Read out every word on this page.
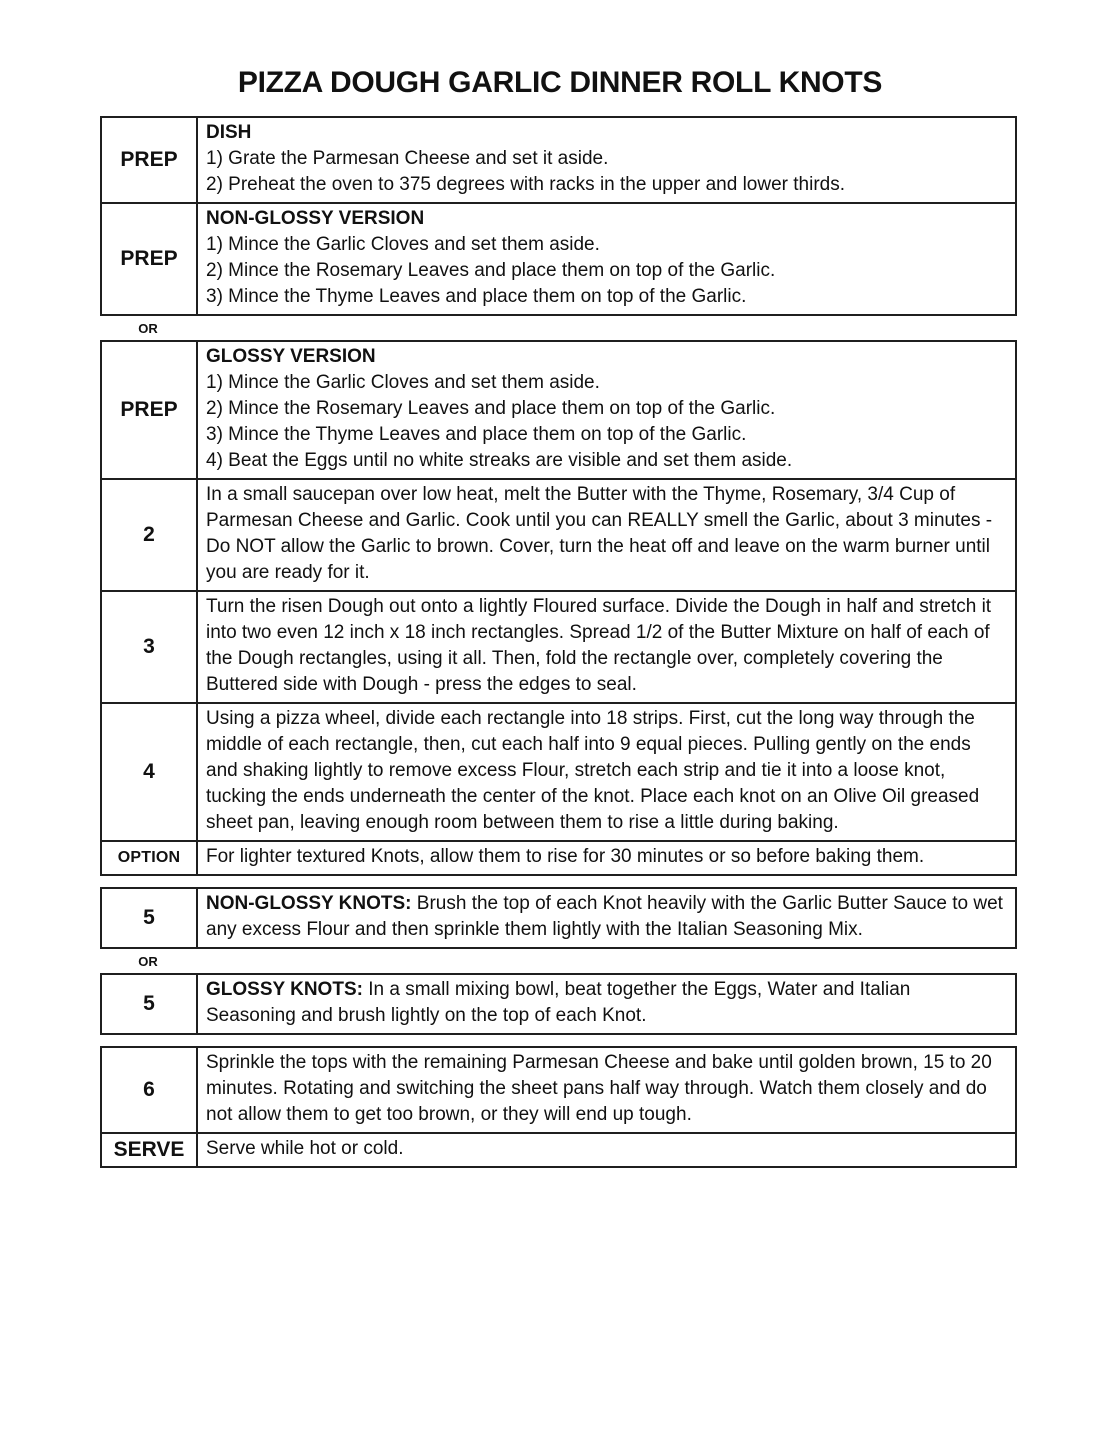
PIZZA DOUGH GARLIC DINNER ROLL KNOTS
PREP
DISH
1) Grate the Parmesan Cheese and set it aside.
2) Preheat the oven to 375 degrees with racks in the upper and lower thirds.
PREP
NON-GLOSSY VERSION
1) Mince the Garlic Cloves and set them aside.
2) Mince the Rosemary Leaves and place them on top of the Garlic.
3) Mince the Thyme Leaves and place them on top of the Garlic.
OR
PREP
GLOSSY VERSION
1) Mince the Garlic Cloves and set them aside.
2) Mince the Rosemary Leaves and place them on top of the Garlic.
3) Mince the Thyme Leaves and place them on top of the Garlic.
4) Beat the Eggs until no white streaks are visible and set them aside.
2
In a small saucepan over low heat, melt the Butter with the Thyme, Rosemary, 3/4 Cup of Parmesan Cheese and Garlic. Cook until you can REALLY smell the Garlic, about 3 minutes - Do NOT allow the Garlic to brown. Cover, turn the heat off and leave on the warm burner until you are ready for it.
3
Turn the risen Dough out onto a lightly Floured surface. Divide the Dough in half and stretch it into two even 12 inch x 18 inch rectangles. Spread 1/2 of the Butter Mixture on half of each of the Dough rectangles, using it all. Then, fold the rectangle over, completely covering the Buttered side with Dough - press the edges to seal.
4
Using a pizza wheel, divide each rectangle into 18 strips. First, cut the long way through the middle of each rectangle, then, cut each half into 9 equal pieces. Pulling gently on the ends and shaking lightly to remove excess Flour, stretch each strip and tie it into a loose knot, tucking the ends underneath the center of the knot. Place each knot on an Olive Oil greased sheet pan, leaving enough room between them to rise a little during baking.
OPTION	For lighter textured Knots, allow them to rise for 30 minutes or so before baking them.
5
NON-GLOSSY KNOTS: Brush the top of each Knot heavily with the Garlic Butter Sauce to wet any excess Flour and then sprinkle them lightly with the Italian Seasoning Mix.
OR
5
GLOSSY KNOTS: In a small mixing bowl, beat together the Eggs, Water and Italian Seasoning and brush lightly on the top of each Knot.
6
Sprinkle the tops with the remaining Parmesan Cheese and bake until golden brown, 15 to 20 minutes. Rotating and switching the sheet pans half way through. Watch them closely and do not allow them to get too brown, or they will end up tough.
SERVE	Serve while hot or cold.
